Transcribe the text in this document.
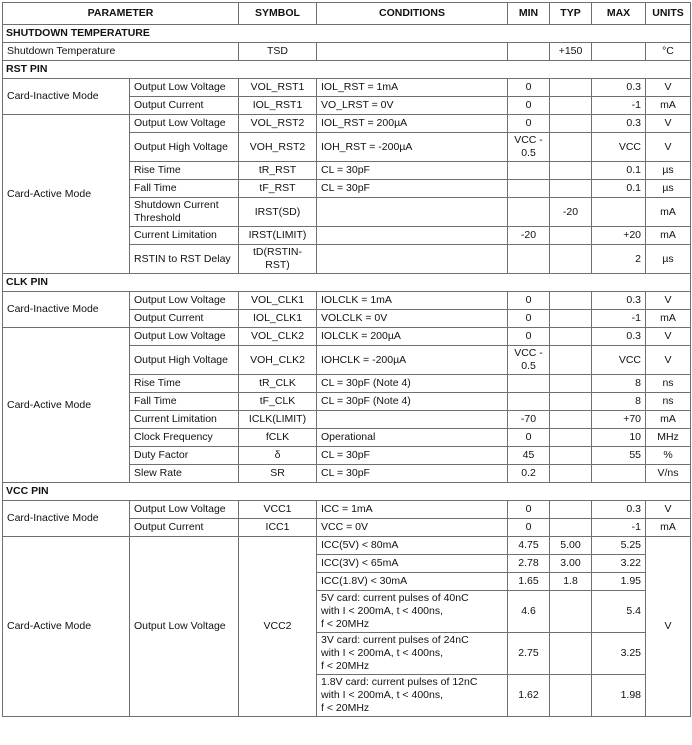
PARAMETER		SYMBOL	CONDITIONS	MIN	TYP	MAX	UNITS
SHUTDOWN TEMPERATURE							
Shutdown Temperature		TSD			+150		°C
RST PIN							
Card-Inactive Mode	Output Low Voltage	VOL_RST1	IOL_RST = 1mA	0		0.3	V
	Output Current	IOL_RST1	VO_LRST = 0V	0		-1	mA
Card-Active Mode	Output Low Voltage	VOL_RST2	IOL_RST = 200µA	0		0.3	V
	Output High Voltage	VOH_RST2	IOH_RST = -200µA	VCC - 0.5		VCC	V
	Rise Time	tR_RST	CL = 30pF			0.1	µs
	Fall Time	tF_RST	CL = 30pF			0.1	µs
	Shutdown Current Threshold	IRST(SD)			-20		mA
	Current Limitation	IRST(LIMIT)		-20		+20	mA
	RSTIN to RST Delay	tD(RSTIN-RST)				2	µs
CLK PIN							
Card-Inactive Mode	Output Low Voltage	VOL_CLK1	IOLCLK = 1mA	0		0.3	V
	Output Current	IOL_CLK1	VOLCLK = 0V	0		-1	mA
Card-Active Mode	Output Low Voltage	VOL_CLK2	IOLCLK = 200µA	0		0.3	V
	Output High Voltage	VOH_CLK2	IOHCLK = -200µA	VCC - 0.5		VCC	V
	Rise Time	tR_CLK	CL = 30pF (Note 4)			8	ns
	Fall Time	tF_CLK	CL = 30pF (Note 4)			8	ns
	Current Limitation	ICLK(LIMIT)		-70		+70	mA
	Clock Frequency	fCLK	Operational	0		10	MHz
	Duty Factor	δ	CL = 30pF	45		55	%
	Slew Rate	SR	CL = 30pF	0.2			V/ns
VCC PIN							
Card-Inactive Mode	Output Low Voltage	VCC1	ICC = 1mA	0		0.3	V
	Output Current	ICC1	VCC = 0V	0		-1	mA
Card-Active Mode	Output Low Voltage	VCC2	ICC(5V) < 80mA	4.75	5.00	5.25	V
			ICC(3V) < 65mA	2.78	3.00	3.22	
			ICC(1.8V) < 30mA	1.65	1.8	1.95	
			5V card: current pulses of 40nC
with I < 200mA, t < 400ns,
f < 20MHz	4.6		5.4	
			3V card: current pulses of 24nC
with I < 200mA, t < 400ns,
f < 20MHz	2.75		3.25	
			1.8V card: current pulses of 12nC
with I < 200mA, t < 400ns,
f < 20MHz	1.62		1.98	
